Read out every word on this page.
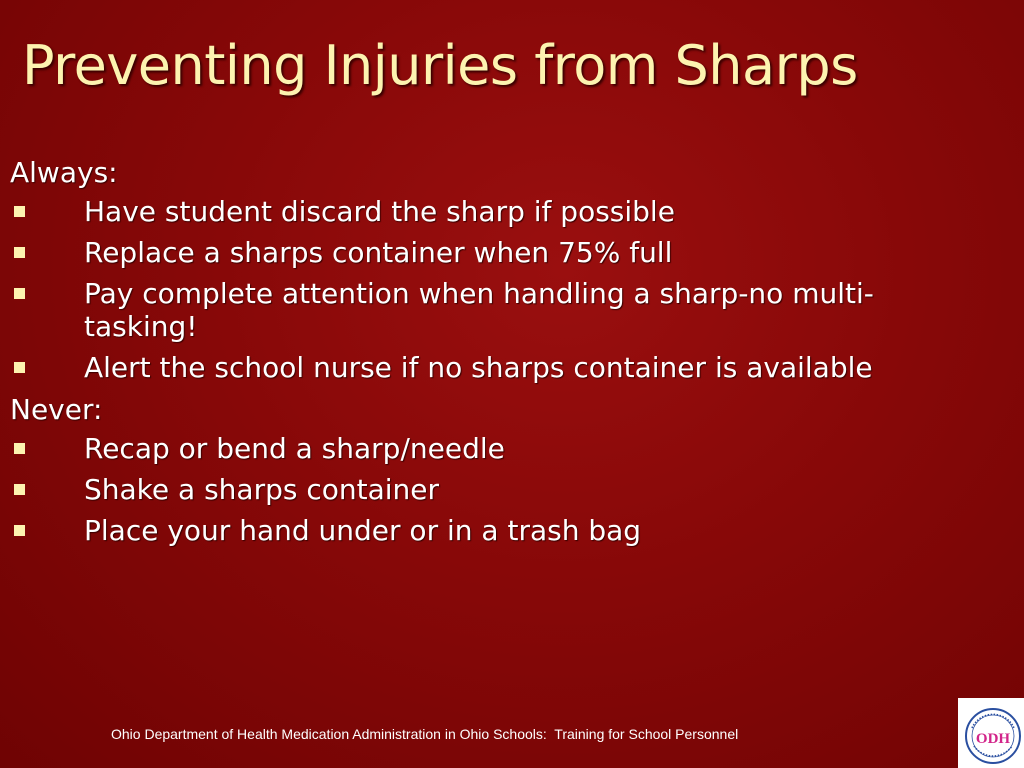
Preventing Injuries from Sharps
Always:
Have student discard the sharp if possible
Replace a sharps container when 75% full
Pay complete attention when handling a sharp-no multi-tasking!
Alert the school nurse if no sharps container is available
Never:
Recap or bend a sharp/needle
Shake a sharps container
Place your hand under or in a trash bag
Ohio Department of Health Medication Administration in Ohio Schools:  Training for School Personnel	ODH
